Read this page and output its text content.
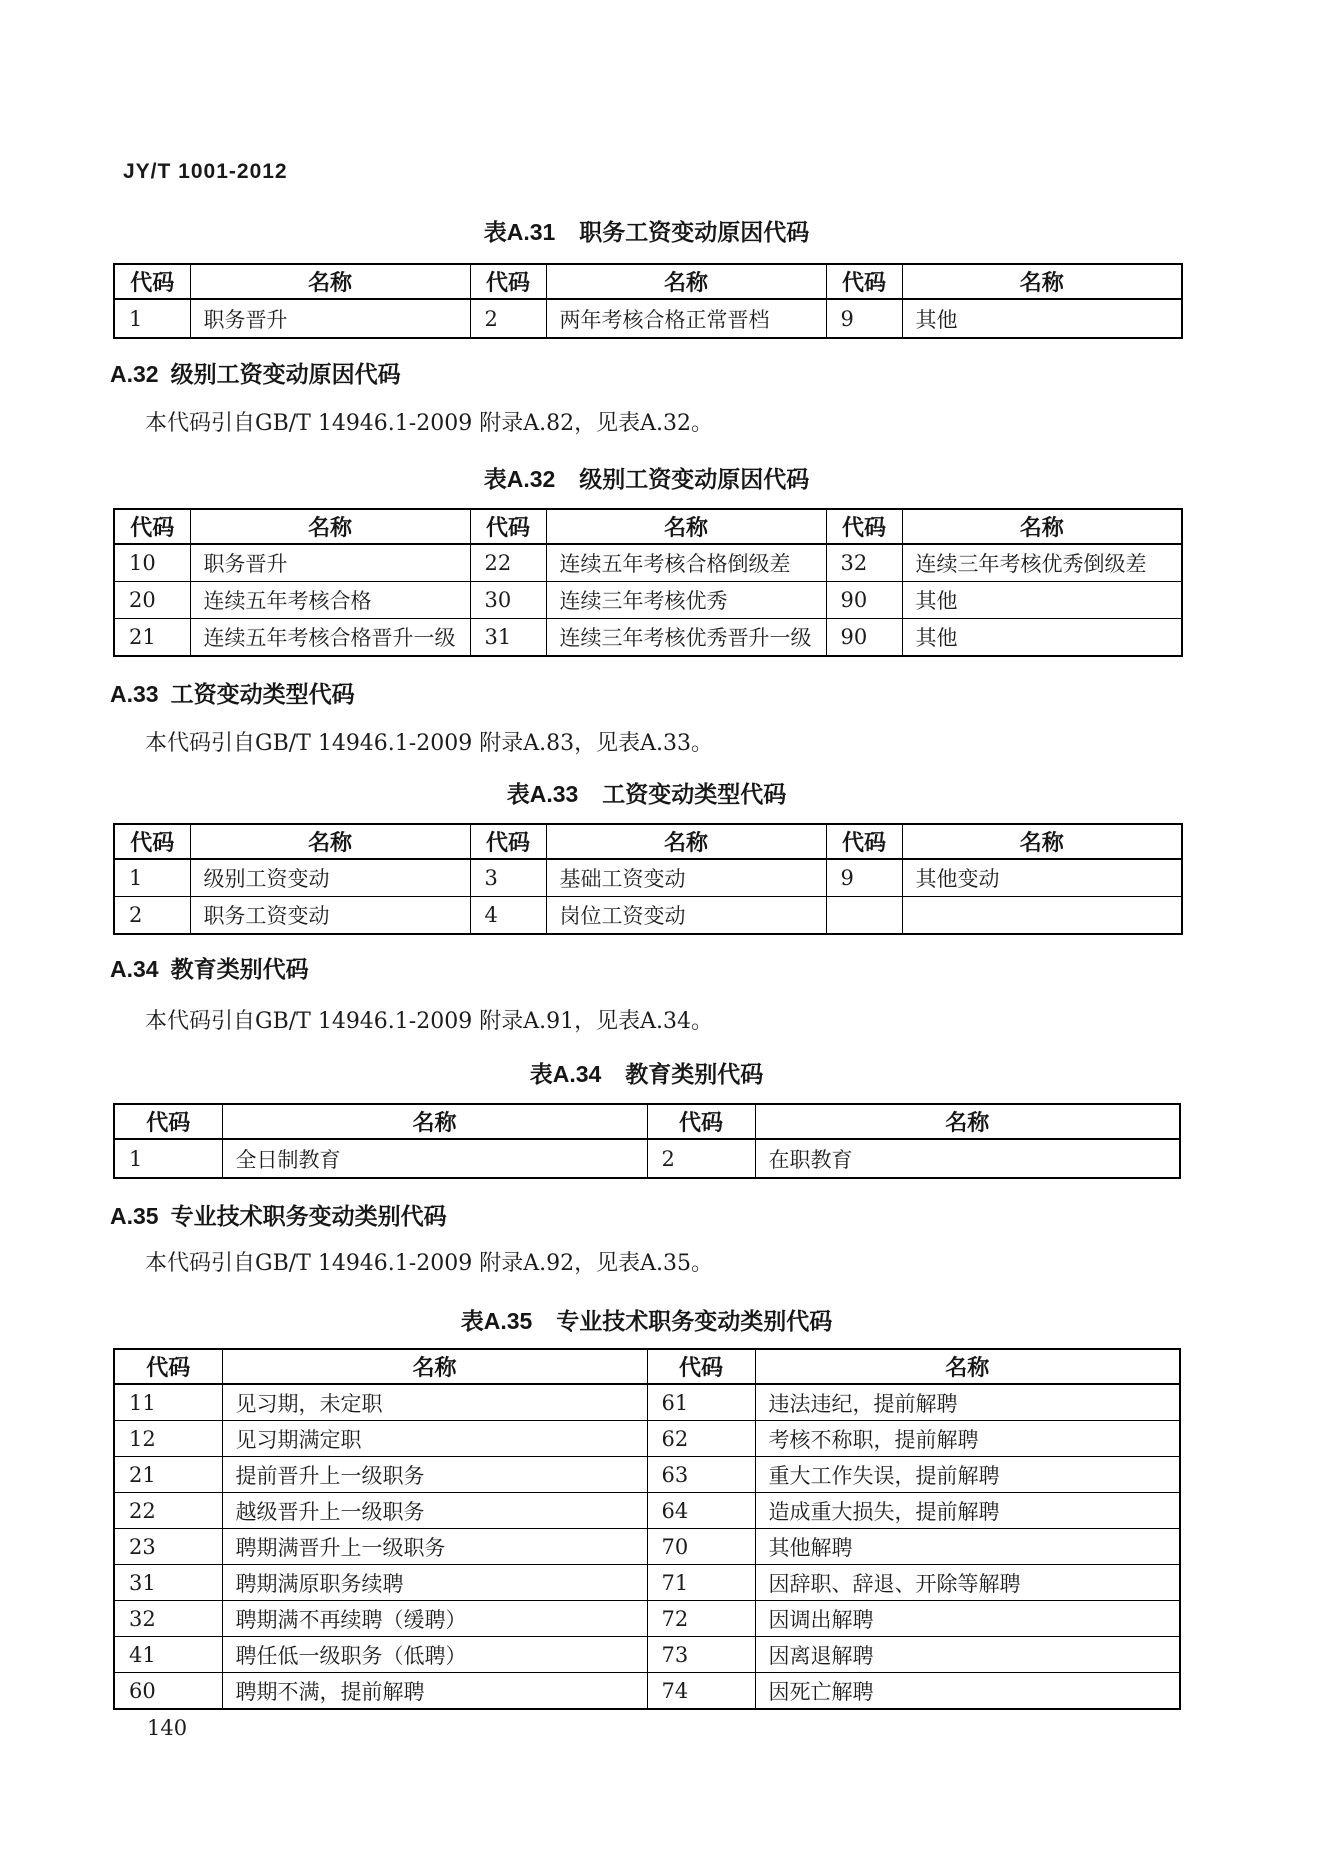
JY/T 1001-2012
表A.31 职务工资变动原因代码
代码	名称	代码	名称	代码	名称
1	职务晋升	2	两年考核合格正常晋档	9	其他
A.32 级别工资变动原因代码
本代码引自GB/T 14946.1-2009 附录A.82，见表A.32。
表A.32 级别工资变动原因代码
代码	名称	代码	名称	代码	名称
10	职务晋升	22	连续五年考核合格倒级差	32	连续三年考核优秀倒级差
20	连续五年考核合格	30	连续三年考核优秀	90	其他
21	连续五年考核合格晋升一级	31	连续三年考核优秀晋升一级	90	其他
A.33 工资变动类型代码
本代码引自GB/T 14946.1-2009 附录A.83，见表A.33。
表A.33 工资变动类型代码
代码	名称	代码	名称	代码	名称
1	级别工资变动	3	基础工资变动	9	其他变动
2	职务工资变动	4	岗位工资变动		
A.34 教育类别代码
本代码引自GB/T 14946.1-2009 附录A.91，见表A.34。
表A.34 教育类别代码
代码	名称	代码	名称
1	全日制教育	2	在职教育
A.35 专业技术职务变动类别代码
本代码引自GB/T 14946.1-2009 附录A.92，见表A.35。
表A.35 专业技术职务变动类别代码
代码	名称	代码	名称
11	见习期，未定职	61	违法违纪，提前解聘
12	见习期满定职	62	考核不称职，提前解聘
21	提前晋升上一级职务	63	重大工作失误，提前解聘
22	越级晋升上一级职务	64	造成重大损失，提前解聘
23	聘期满晋升上一级职务	70	其他解聘
31	聘期满原职务续聘	71	因辞职、辞退、开除等解聘
32	聘期满不再续聘（缓聘）	72	因调出解聘
41	聘任低一级职务（低聘）	73	因离退解聘
60	聘期不满，提前解聘	74	因死亡解聘
140
